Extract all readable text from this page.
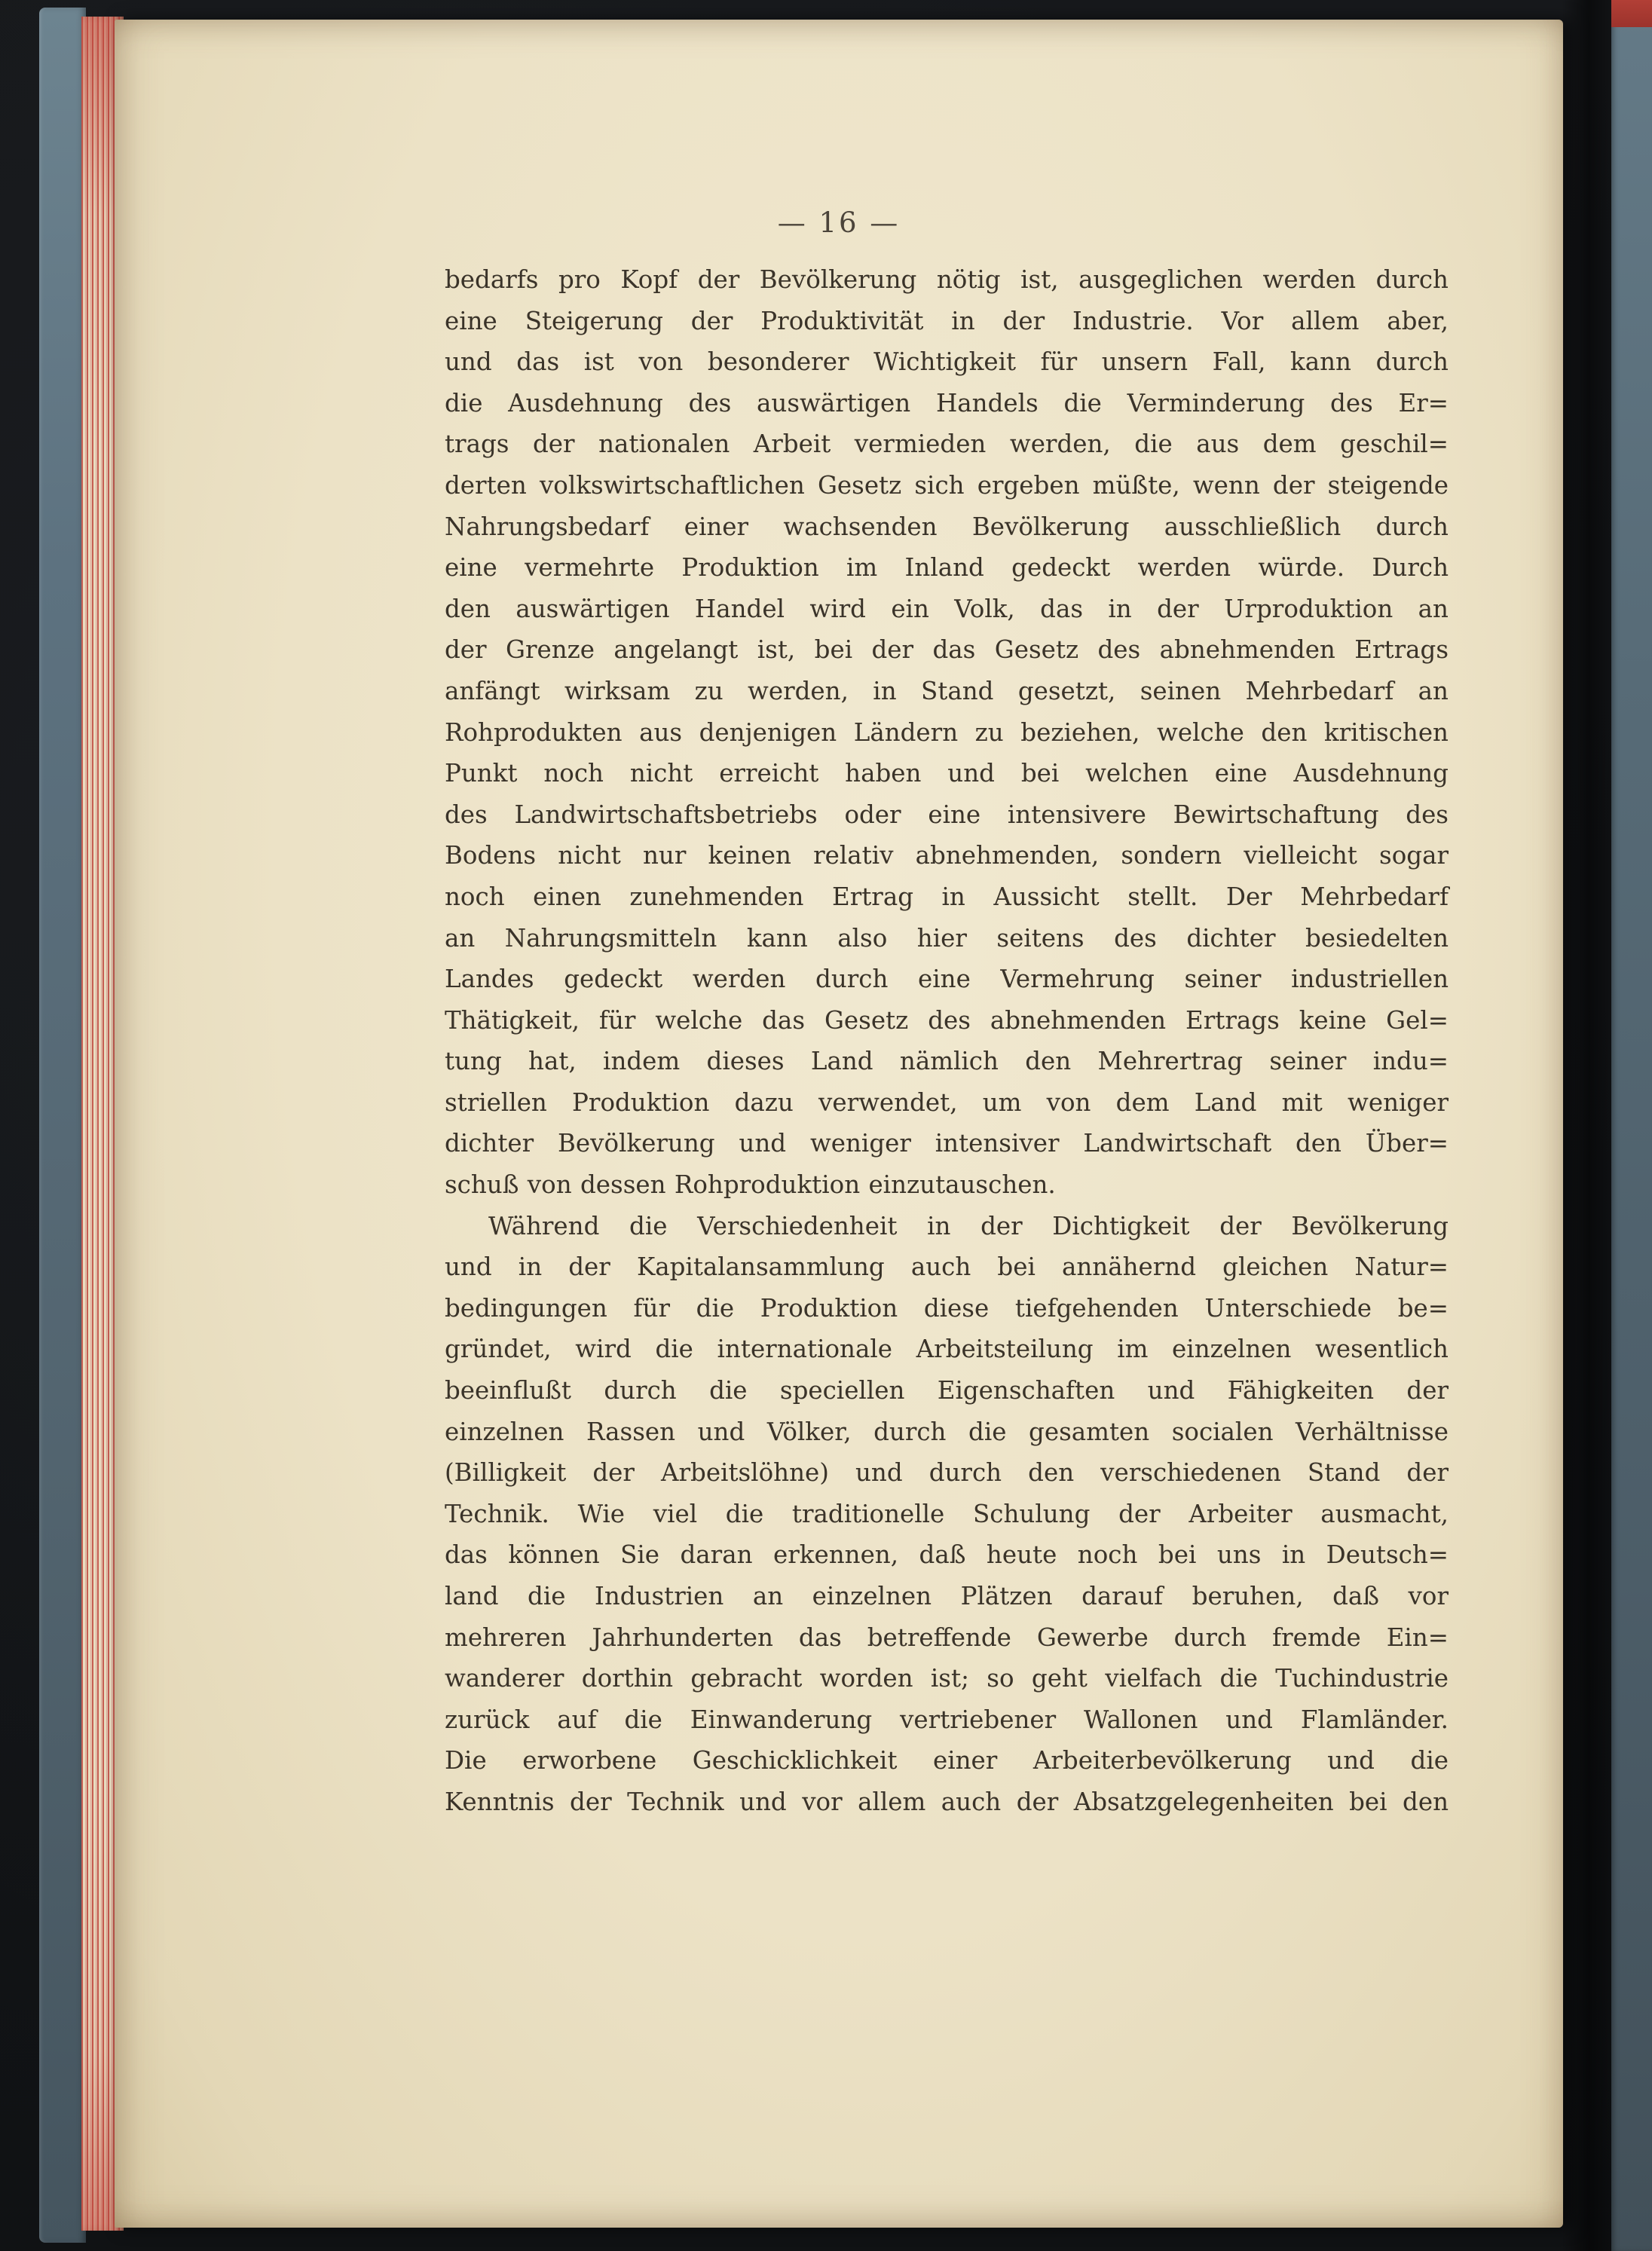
— 16 —
bedarfs pro Kopf der Bevölkerung nötig ist, ausgeglichen werden durch
eine Steigerung der Produktivität in der Industrie. Vor allem aber,
und das ist von besonderer Wichtigkeit für unsern Fall, kann durch
die Ausdehnung des auswärtigen Handels die Verminderung des Er=
trags der nationalen Arbeit vermieden werden, die aus dem geschil=
derten volkswirtschaftlichen Gesetz sich ergeben müßte, wenn der steigende
Nahrungsbedarf einer wachsenden Bevölkerung ausschließlich durch
eine vermehrte Produktion im Inland gedeckt werden würde. Durch
den auswärtigen Handel wird ein Volk, das in der Urproduktion an
der Grenze angelangt ist, bei der das Gesetz des abnehmenden Ertrags
anfängt wirksam zu werden, in Stand gesetzt, seinen Mehrbedarf an
Rohprodukten aus denjenigen Ländern zu beziehen, welche den kritischen
Punkt noch nicht erreicht haben und bei welchen eine Ausdehnung
des Landwirtschaftsbetriebs oder eine intensivere Bewirtschaftung des
Bodens nicht nur keinen relativ abnehmenden, sondern vielleicht sogar
noch einen zunehmenden Ertrag in Aussicht stellt. Der Mehrbedarf
an Nahrungsmitteln kann also hier seitens des dichter besiedelten
Landes gedeckt werden durch eine Vermehrung seiner industriellen
Thätigkeit, für welche das Gesetz des abnehmenden Ertrags keine Gel=
tung hat, indem dieses Land nämlich den Mehrertrag seiner indu=
striellen Produktion dazu verwendet, um von dem Land mit weniger
dichter Bevölkerung und weniger intensiver Landwirtschaft den Über=
schuß von dessen Rohproduktion einzutauschen.
Während die Verschiedenheit in der Dichtigkeit der Bevölkerung
und in der Kapitalansammlung auch bei annähernd gleichen Natur=
bedingungen für die Produktion diese tiefgehenden Unterschiede be=
gründet, wird die internationale Arbeitsteilung im einzelnen wesentlich
beeinflußt durch die speciellen Eigenschaften und Fähigkeiten der
einzelnen Rassen und Völker, durch die gesamten socialen Verhältnisse
(Billigkeit der Arbeitslöhne) und durch den verschiedenen Stand der
Technik. Wie viel die traditionelle Schulung der Arbeiter ausmacht,
das können Sie daran erkennen, daß heute noch bei uns in Deutsch=
land die Industrien an einzelnen Plätzen darauf beruhen, daß vor
mehreren Jahrhunderten das betreffende Gewerbe durch fremde Ein=
wanderer dorthin gebracht worden ist; so geht vielfach die Tuchindustrie
zurück auf die Einwanderung vertriebener Wallonen und Flamländer.
Die erworbene Geschicklichkeit einer Arbeiterbevölkerung und die
Kenntnis der Technik und vor allem auch der Absatzgelegenheiten bei den
